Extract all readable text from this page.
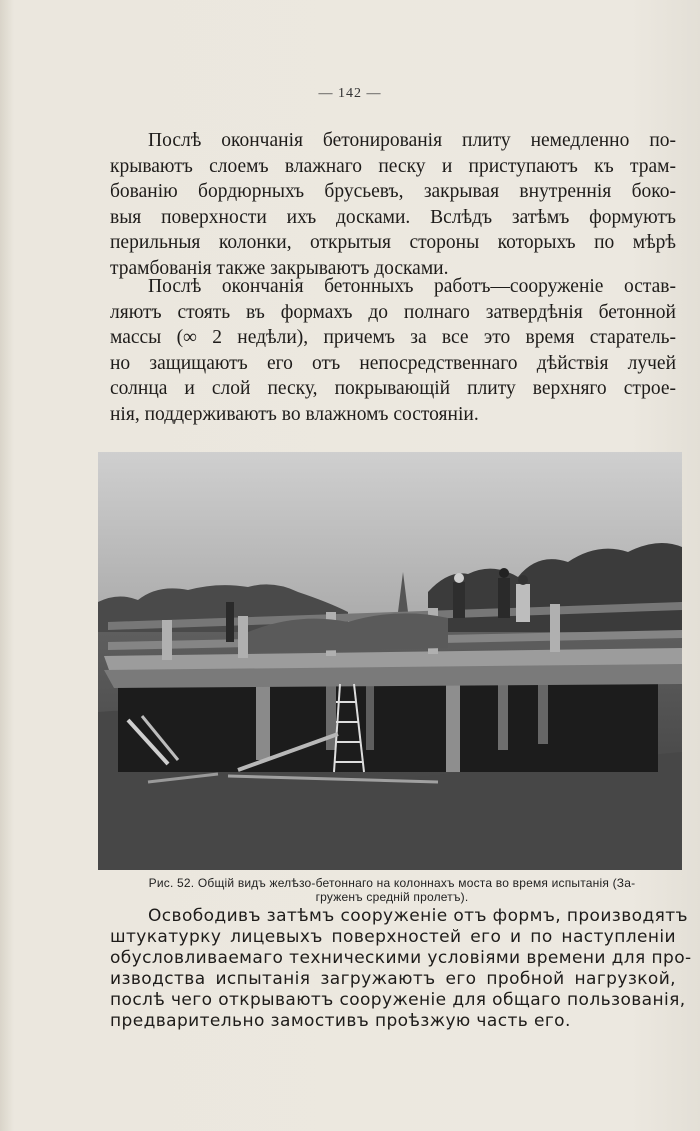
— 142 —

Послѣ окончанія бетонированія плиту немедленно по-
крываютъ слоемъ влажнаго песку и приступаютъ къ трам-
бованію бордюрныхъ брусьевъ, закрывая внутреннія боко-
выя поверхности ихъ досками. Вслѣдъ затѣмъ формуютъ
перильныя колонки, открытыя стороны которыхъ по мѣрѣ
трамбованія также закрываютъ досками.

Послѣ окончанія бетонныхъ работъ—сооруженіе остав-
ляютъ стоять въ формахъ до полнаго затвердѣнія бетонной
массы (∞ 2 недѣли), причемъ за все это время старатель-
но защищаютъ его отъ непосредственнаго дѣйствія лучей
солнца и слой песку, покрывающій плиту верхняго строе-
нія, поддерживаютъ во влажномъ состояніи.

Рис. 52. Общій видъ желѣзо-бетоннаго на колоннахъ моста во время испытанія (За-
груженъ средній пролетъ).

Освободивъ затѣмъ сооруженіе отъ формъ, производятъ
штукатурку лицевыхъ поверхностей его и по наступленіи
обусловливаемаго техническими условіями времени для про-
изводства испытанія загружаютъ его пробной нагрузкой,
послѣ чего открываютъ сооруженіе для общаго пользованія,
предварительно замостивъ проѣзжую часть его.
